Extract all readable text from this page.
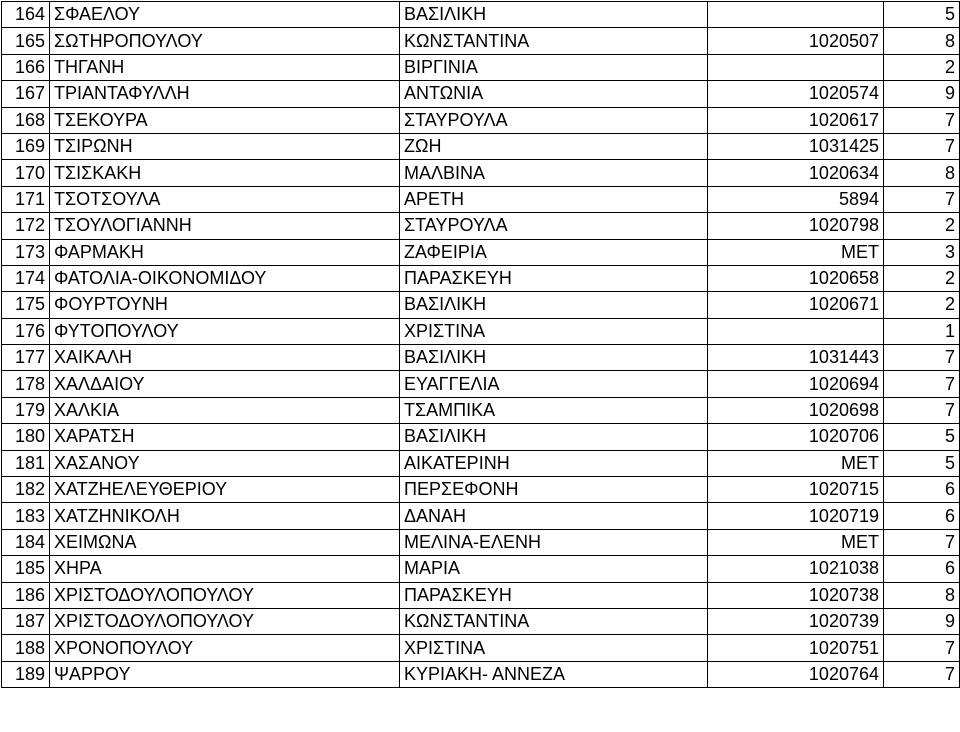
164	ΣΦΑΕΛΟΥ	ΒΑΣΙΛΙΚΗ		5
165	ΣΩΤΗΡΟΠΟΥΛΟΥ	ΚΩΝΣΤΑΝΤΙΝΑ	1020507	8
166	ΤΗΓΑΝΗ	ΒΙΡΓΙΝΙΑ		2
167	ΤΡΙΑΝΤΑΦΥΛΛΗ	ΑΝΤΩΝΙΑ	1020574	9
168	ΤΣΕΚΟΥΡΑ	ΣΤΑΥΡΟΥΛΑ	1020617	7
169	ΤΣΙΡΩΝΗ	ΖΩΗ	1031425	7
170	ΤΣΙΣΚΑΚΗ	ΜΑΛΒΙΝΑ	1020634	8
171	ΤΣΟΤΣΟΥΛΑ	ΑΡΕΤΗ	5894	7
172	ΤΣΟΥΛΟΓΙΑΝΝΗ	ΣΤΑΥΡΟΥΛΑ	1020798	2
173	ΦΑΡΜΑΚΗ	ΖΑΦΕΙΡΙΑ	ΜΕΤ	3
174	ΦΑΤΟΛΙΑ-ΟΙΚΟΝΟΜΙΔΟΥ	ΠΑΡΑΣΚΕΥΗ	1020658	2
175	ΦΟΥΡΤΟΥΝΗ	ΒΑΣΙΛΙΚΗ	1020671	2
176	ΦΥΤΟΠΟΥΛΟΥ	ΧΡΙΣΤΙΝΑ		1
177	ΧΑΙΚΑΛΗ	ΒΑΣΙΛΙΚΗ	1031443	7
178	ΧΑΛΔΑΙΟΥ	ΕΥΑΓΓΕΛΙΑ	1020694	7
179	ΧΑΛΚΙΑ	ΤΣΑΜΠΙΚΑ	1020698	7
180	ΧΑΡΑΤΣΗ	ΒΑΣΙΛΙΚΗ	1020706	5
181	ΧΑΣΑΝΟΥ	ΑΙΚΑΤΕΡΙΝΗ	ΜΕΤ	5
182	ΧΑΤΖΗΕΛΕΥΘΕΡΙΟΥ	ΠΕΡΣΕΦΟΝΗ	1020715	6
183	ΧΑΤΖΗΝΙΚΟΛΗ	ΔΑΝΑΗ	1020719	6
184	ΧΕΙΜΩΝΑ	ΜΕΛΙΝΑ-ΕΛΕΝΗ	ΜΕΤ	7
185	ΧΗΡΑ	ΜΑΡΙΑ	1021038	6
186	ΧΡΙΣΤΟΔΟΥΛΟΠΟΥΛΟΥ	ΠΑΡΑΣΚΕΥΗ	1020738	8
187	ΧΡΙΣΤΟΔΟΥΛΟΠΟΥΛΟΥ	ΚΩΝΣΤΑΝΤΙΝΑ	1020739	9
188	ΧΡΟΝΟΠΟΥΛΟΥ	ΧΡΙΣΤΙΝΑ	1020751	7
189	ΨΑΡΡΟΥ	ΚΥΡΙΑΚΗ- ΑΝΝΕΖΑ	1020764	7
